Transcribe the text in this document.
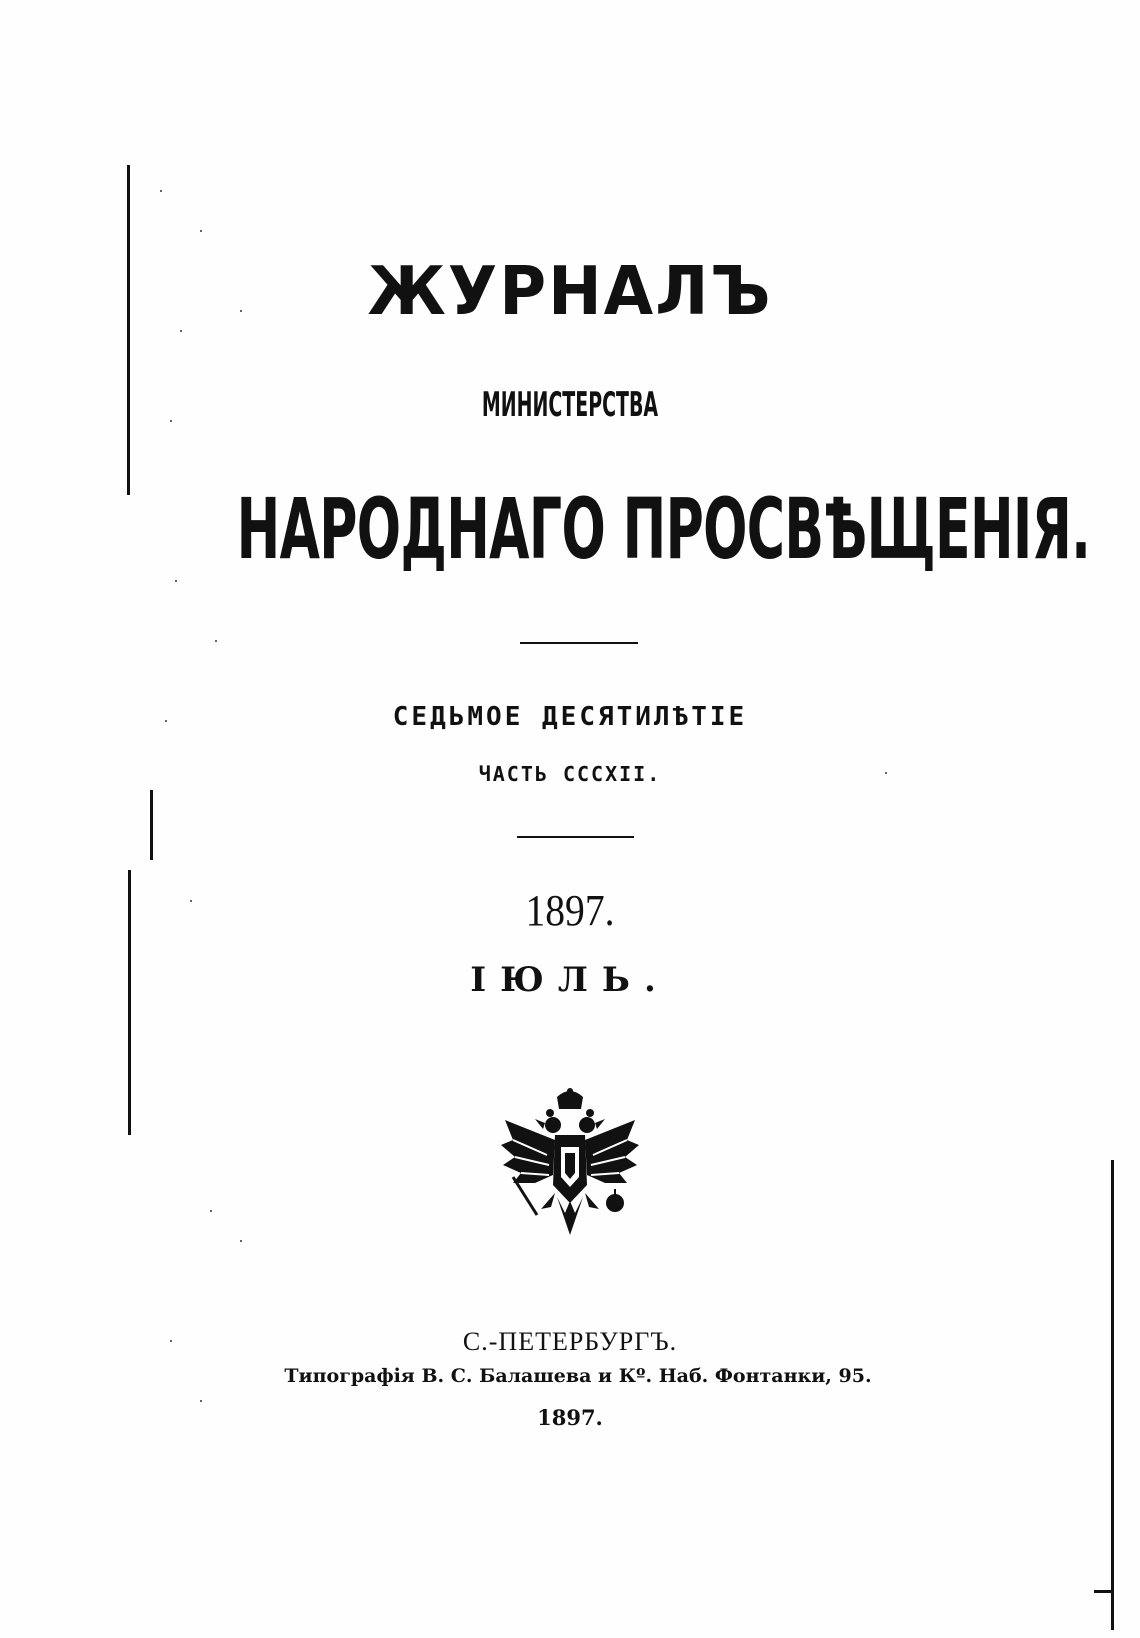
ЖУРНАЛЪ
МИНИСТЕРСТВА
НАРОДНАГО ПРОСВѢЩЕНІЯ.
СЕДЬМОЕ ДЕСЯТИЛѢТІЕ
ЧАСТЬ CCCXII.
1897.
ІЮЛЬ.
С.-ПЕТЕРБУРГЪ.
Типографія В. С. Балашева и Кº. Наб. Фонтанки, 95.
1897.
